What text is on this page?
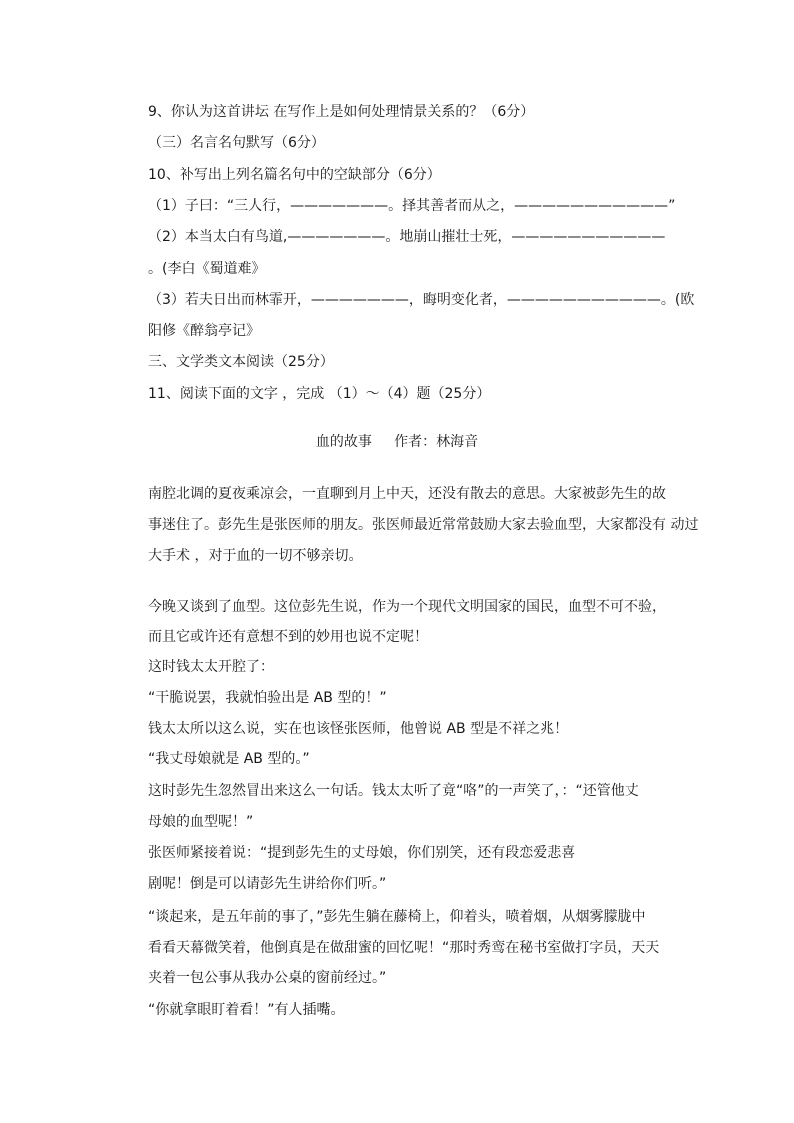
9、你认为这首讲坛 在写作上是如何处理情景关系的？（6分）
（三）名言名句默写（6分）
10、补写出上列名篇名句中的空缺部分（6分）
（1）子曰：“三人行，———————。择其善者而从之，———————————”
（2）本当太白有鸟道,———————。地崩山摧壮士死，———————————
。(李白《蜀道难》
（3）若夫日出而林霏开，———————，晦明变化者，———————————。(欧
阳修《醉翁亭记》
三、文学类文本阅读（25分）
11、阅读下面的文字 ，完成 （1）～（4）题（25分）
血的故事     作者：林海音
南腔北调的夏夜乘凉会，一直聊到月上中天，还没有散去的意思。大家被彭先生的故
事迷住了。彭先生是张医师的朋友。张医师最近常常鼓励大家去验血型，大家都没有 动过
大手术 ，对于血的一切不够亲切。
今晚又谈到了血型。这位彭先生说，作为一个现代文明国家的国民，血型不可不验，
而且它或许还有意想不到的妙用也说不定呢！
这时钱太太开腔了：
“干脆说罢，我就怕验出是 AB 型的！”
钱太太所以这么说，实在也该怪张医师，他曾说 AB 型是不祥之兆！
“我丈母娘就是 AB 型的。”
这时彭先生忽然冒出来这么一句话。钱太太听了竟“咯”的一声笑了，：“还管他丈
母娘的血型呢！”
张医师紧接着说：“提到彭先生的丈母娘，你们别笑，还有段恋爱悲喜
剧呢！倒是可以请彭先生讲给你们听。”
“谈起来，是五年前的事了，”彭先生躺在藤椅上，仰着头，喷着烟，从烟雾朦胧中
看看天幕微笑着，他倒真是在做甜蜜的回忆呢！“那时秀鸾在秘书室做打字员，天天
夹着一包公事从我办公桌的窗前经过。”
“你就拿眼盯着看！”有人插嘴。
